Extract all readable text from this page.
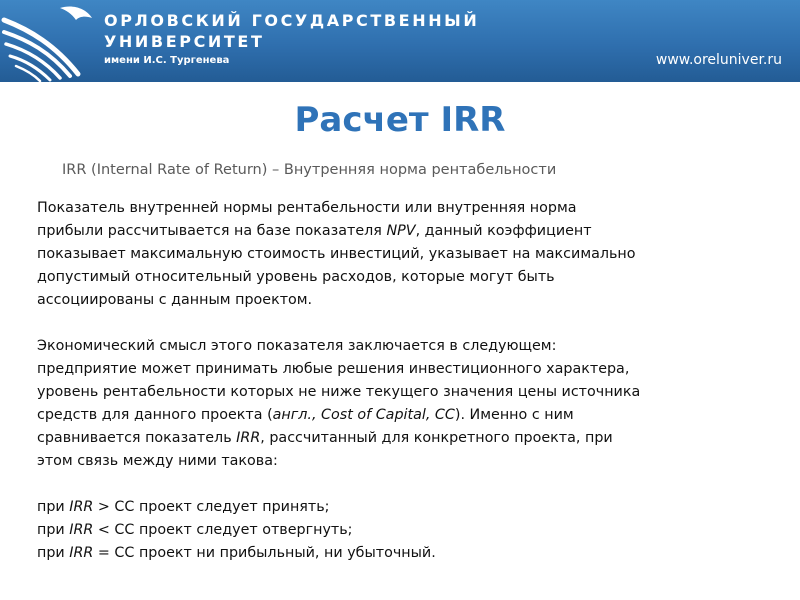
ОРЛОВСКИЙ ГОСУДАРСТВЕННЫЙ
УНИВЕРСИТЕТ
имени И.С. Тургенева	www.oreluniver.ru
Расчет IRR
IRR (Internal Rate of Return) – Внутренняя норма рентабельности

Показатель внутренней нормы рентабельности или внутренняя норма
прибыли рассчитывается на базе показателя NPV, данный коэффициент
показывает максимальную стоимость инвестиций, указывает на максимально
допустимый относительный уровень расходов, которые могут быть
ассоциированы с данным проектом.

Экономический смысл этого показателя заключается в следующем:
предприятие может принимать любые решения инвестиционного характера,
уровень рентабельности которых не ниже текущего значения цены источника
средств для данного проекта (англ., Cost of Capital, CC). Именно с ним
сравнивается показатель IRR, рассчитанный для конкретного проекта, при
этом связь между ними такова:

при IRR > CC проект следует принять;
при IRR < CC проект следует отвергнуть;
при IRR = CC проект ни прибыльный, ни убыточный.
